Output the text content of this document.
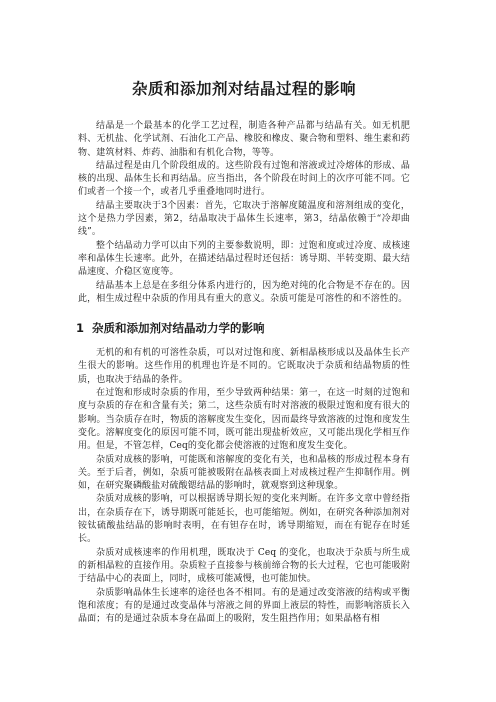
杂质和添加剂对结晶过程的影响

结晶是一个最基本的化学工艺过程，制造各种产品都与结晶有关。如无机肥料、无机盐、化学试剂、石油化工产品、橡胶和橡皮、聚合物和塑料、维生素和药物、建筑材料、炸药、油脂和有机化合物，等等。

结晶过程是由几个阶段组成的。这些阶段有过饱和溶液或过冷熔体的形成、晶核的出现、晶体生长和再结晶。应当指出，各个阶段在时间上的次序可能不同。它们或者一个接一个，或者几乎重叠地同时进行。

结晶主要取决于3个因素：首先，它取决于溶解度随温度和溶剂组成的变化，这个是热力学因素，第2，结晶取决于晶体生长速率，第3，结晶依赖于“冷却曲线”。

整个结晶动力学可以由下列的主要参数说明，即：过饱和度或过冷度、成核速率和晶体生长速率。此外，在描述结晶过程时还包括：诱导期、半转变期、最大结晶速度、介稳区宽度等。

结晶基本上总是在多组分体系内进行的，因为绝对纯的化合物是不存在的。因此，相生成过程中杂质的作用具有重大的意义。杂质可能是可溶性的和不溶性的。

1 杂质和添加剂对结晶动力学的影响

无机的和有机的可溶性杂质，可以对过饱和度、新相晶核形成以及晶体生长产生很大的影响。这些作用的机理也许是不同的。它既取决于杂质和结晶物质的性质，也取决于结晶的条件。

在过饱和形成时杂质的作用，至少导致两种结果：第一，在这一时刻的过饱和度与杂质的存在和含量有关；第二，这些杂质有时对溶液的极限过饱和度有很大的影响。当杂质存在时，物质的溶解度发生变化，因而最终导致溶液的过饱和度发生变化。溶解度变化的原因可能不同，既可能出现盐析效应，又可能出现化学相互作用。但是，不管怎样，Ceq的变化都会使溶液的过饱和度发生变化。

杂质对成核的影响，可能既和溶解度的变化有关，也和晶核的形成过程本身有关。至于后者，例如，杂质可能被吸附在晶核表面上对成核过程产生抑制作用。例如，在研究聚磷酸盐对硫酸锶结晶的影响时，就观察到这种现象。

杂质对成核的影响，可以根据诱导期长短的变化来判断。在许多文章中曾经指出，在杂质存在下，诱导期既可能延长，也可能缩短。例如，在研究各种添加剂对铵钛硫酸盐结晶的影响时表明，在有钽存在时，诱导期缩短，而在有铌存在时延长。

杂质对成核速率的作用机理，既取决于 Ceq 的变化，也取决于杂质与所生成的新相晶粒的直接作用。杂质粒子直接参与核前缔合物的长大过程，它也可能吸附于结晶中心的表面上，同时，成核可能减慢，也可能加快。

杂质影响晶体生长速率的途径也各不相同。有的是通过改变溶液的结构或平衡饱和浓度；有的是通过改变晶体与溶液之间的界面上液层的特性，而影响溶质长入晶面；有的是通过杂质本身在晶面上的吸附，发生阻挡作用；如果晶格有相
